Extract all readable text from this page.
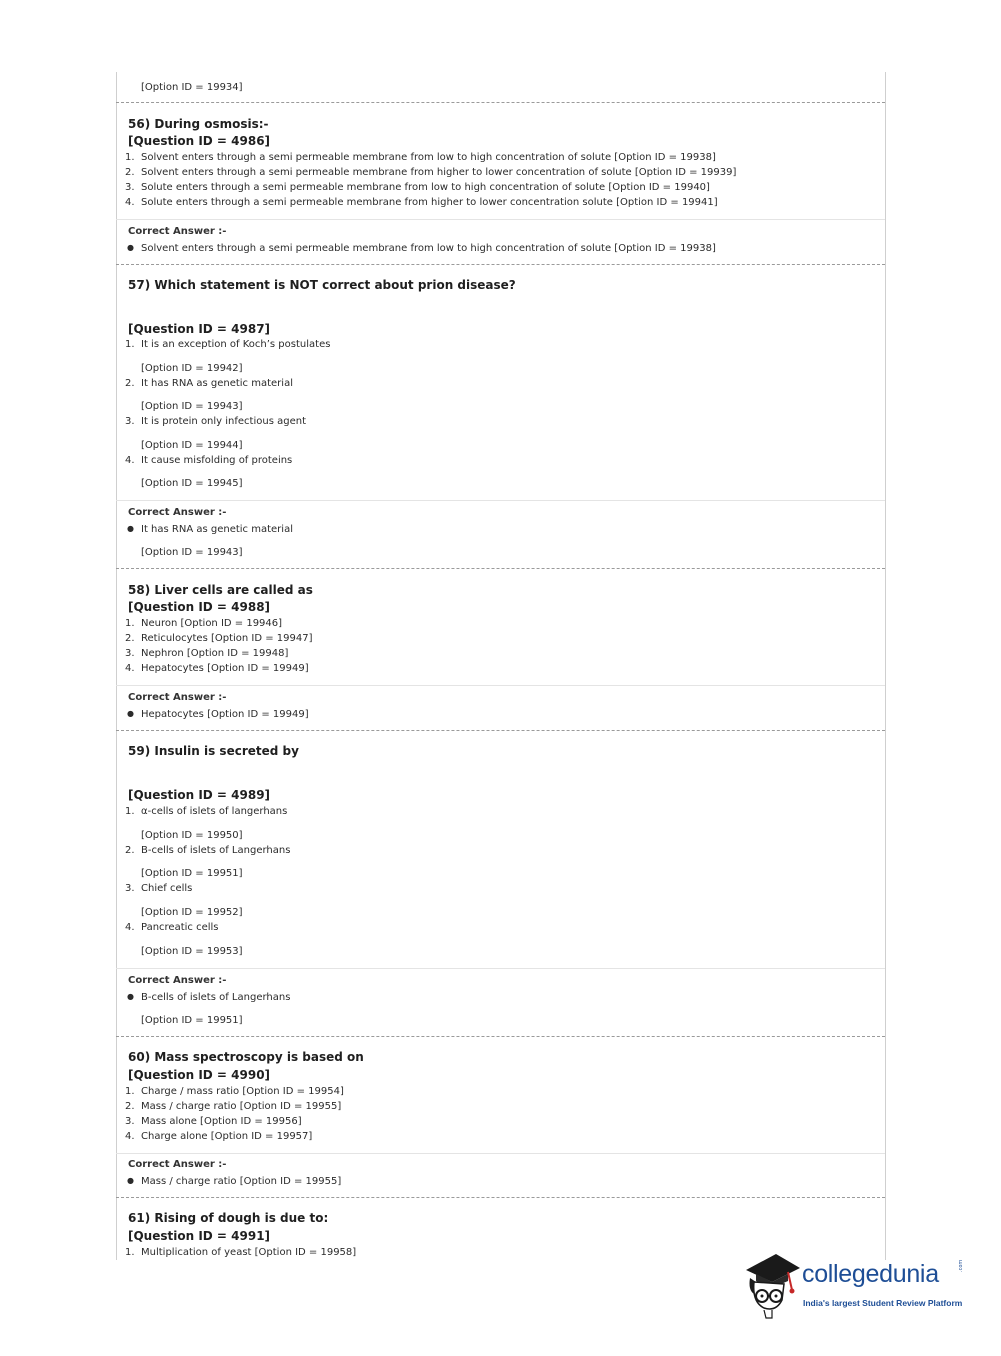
[Option ID = 19934]
56) During osmosis:-
[Question ID = 4986]
1. Solvent enters through a semi permeable membrane from low to high concentration of solute [Option ID = 19938]
2. Solvent enters through a semi permeable membrane from higher to lower concentration of solute [Option ID = 19939]
3. Solute enters through a semi permeable membrane from low to high concentration of solute [Option ID = 19940]
4. Solute enters through a semi permeable membrane from higher to lower concentration solute [Option ID = 19941]
Correct Answer :-
● Solvent enters through a semi permeable membrane from low to high concentration of solute [Option ID = 19938]
57) Which statement is NOT correct about prion disease?
[Question ID = 4987]
1. It is an exception of Koch’s postulates
[Option ID = 19942]
2. It has RNA as genetic material
[Option ID = 19943]
3. It is protein only infectious agent
[Option ID = 19944]
4. It cause misfolding of proteins
[Option ID = 19945]
Correct Answer :-
● It has RNA as genetic material
[Option ID = 19943]
58) Liver cells are called as
[Question ID = 4988]
1. Neuron [Option ID = 19946]
2. Reticulocytes [Option ID = 19947]
3. Nephron [Option ID = 19948]
4. Hepatocytes [Option ID = 19949]
Correct Answer :-
● Hepatocytes [Option ID = 19949]
59) Insulin is secreted by
[Question ID = 4989]
1. α-cells of islets of langerhans
[Option ID = 19950]
2. B-cells of islets of Langerhans
[Option ID = 19951]
3. Chief cells
[Option ID = 19952]
4. Pancreatic cells
[Option ID = 19953]
Correct Answer :-
● B-cells of islets of Langerhans
[Option ID = 19951]
60) Mass spectroscopy is based on
[Question ID = 4990]
1. Charge / mass ratio [Option ID = 19954]
2. Mass / charge ratio [Option ID = 19955]
3. Mass alone [Option ID = 19956]
4. Charge alone [Option ID = 19957]
Correct Answer :-
● Mass / charge ratio [Option ID = 19955]
61) Rising of dough is due to:
[Question ID = 4991]
1. Multiplication of yeast [Option ID = 19958]
collegedunia	.com
India's largest Student Review Platform
